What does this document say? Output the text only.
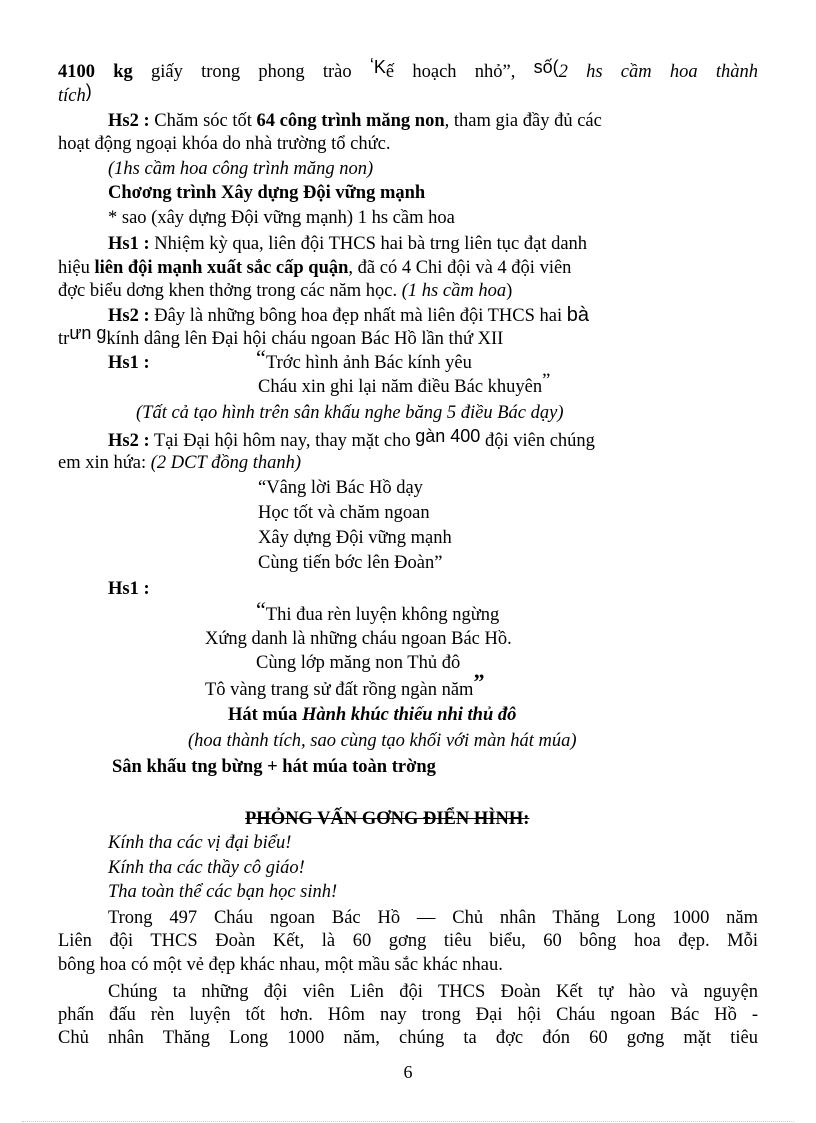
4100 kg giấy trong phong trào ‘Kế hoạch nhỏ”, số(2 hs cầm hoa thành
tích)
Hs2 : Chăm sóc tốt 64 công trình măng non, tham gia đầy đủ các
hoạt động ngoại khóa do nhà trường tổ chức.
(1hs cầm hoa công trình măng non)
Chơơng trình Xây dựng Đội vững mạnh
* sao (xây dựng Đội vững mạnh) 1 hs cầm hoa
Hs1 : Nhiệm kỳ qua, liên đội THCS hai bà trng liên tục đạt danh
hiệu liên đội mạnh xuất sắc cấp quận, đã có 4 Chi đội và 4 đội viên
đợc biểu dơng khen thởng trong các năm học. (1 hs cầm hoa)
Hs2 : Đây là những bông hoa đẹp nhất mà liên đội THCS hai bà
trưn gkính dâng lên Đại hội cháu ngoan Bác Hồ lần thứ XII
Hs1 :	“ Trớc hình ảnh Bác kính yêu
Cháu xin ghi lại năm điều Bác khuyên”
(Tất cả tạo hình trên sân khấu nghe băng 5 điều Bác dạy)
Hs2 : Tại Đại hội hôm nay, thay mặt cho gàn 400 đội viên chúng
em xin hứa: (2 DCT đồng thanh)
“Vâng lời Bác Hồ dạy
Học tốt và chăm ngoan
Xây dựng Đội vững mạnh
Cùng tiến bớc lên Đoàn”
Hs1 :
“Thi đua rèn luyện không ngừng
Xứng danh là những cháu ngoan Bác Hồ.
Cùng lớp măng non Thủ đô
Tô vàng trang sử đất rồng ngàn năm”
Hát múa Hành khúc thiếu nhi thủ đô
(hoa thành tích, sao cùng tạo khối với màn hát múa)
Sân khấu tng bừng + hát múa toàn trờng
PHỎNG VẤN GƠNG ĐIỂN HÌNH:
Kính tha các vị đại biểu!
Kính tha các thầy cô giáo!
Tha toàn thể các bạn học sinh!
Trong 497 Cháu ngoan Bác Hồ — Chủ nhân Thăng Long 1000 năm
Liên đội THCS Đoàn Kết, là 60 gơng tiêu biểu, 60 bông hoa đẹp. Mỗi
bông hoa có một vẻ đẹp khác nhau, một mầu sắc khác nhau.
Chúng ta những đội viên Liên đội THCS Đoàn Kết tự hào và nguyện
phấn đấu rèn luyện tốt hơn. Hôm nay trong Đại hội Cháu ngoan Bác Hồ -
Chủ nhân Thăng Long 1000 năm, chúng ta đợc đón 60 gơng mặt tiêu
6
